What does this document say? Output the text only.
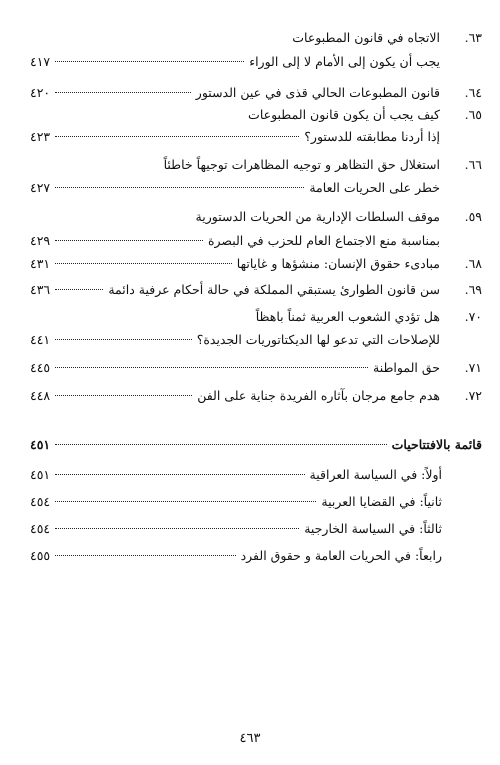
٦٣.
الاتجاه في قانون المطبوعات
يجب أن يكون إلى الأمام لا إلى الوراء
٤١٧
٦٤.
قانون المطبوعات الحالي قذى في عين الدستور
٤٢٠
٦٥.
كيف يجب أن يكون قانون المطبوعات
إذا أردنا مطابقته للدستور؟
٤٢٣
٦٦.
استغلال حق التظاهر و توجيه المظاهرات توجيهاً خاطئاً
خطر على الحريات العامة
٤٢٧
٥٩.
موقف السلطات الإدارية من الحريات الدستورية
بمناسبة منع الاجتماع العام للحزب في البصرة
٤٢٩
٦٨.
مبادىء حقوق الإنسان: منشؤها و غاياتها
٤٣١
٦٩.
سن قانون الطوارئ يستبقي المملكة في حالة أحكام عرفية دائمة
٤٣٦
٧٠.
هل تؤدي الشعوب العربية ثمناً باهظاً
للإصلاحات التي تدعو لها الديكتاتوريات الجديدة؟
٤٤١
٧١.
حق المواطنة
٤٤٥
٧٢.
هدم جامع مرجان بآثاره الفريدة جناية على الفن
٤٤٨
قائمة بالافتتاحيات
٤٥١
أولاً: في السياسة العراقية
٤٥١
ثانياً: في القضايا العربية
٤٥٤
ثالثاً: في السياسة الخارجية
٤٥٤
رابعاً: في الحريات العامة و حقوق الفرد
٤٥٥
٤٦٣
